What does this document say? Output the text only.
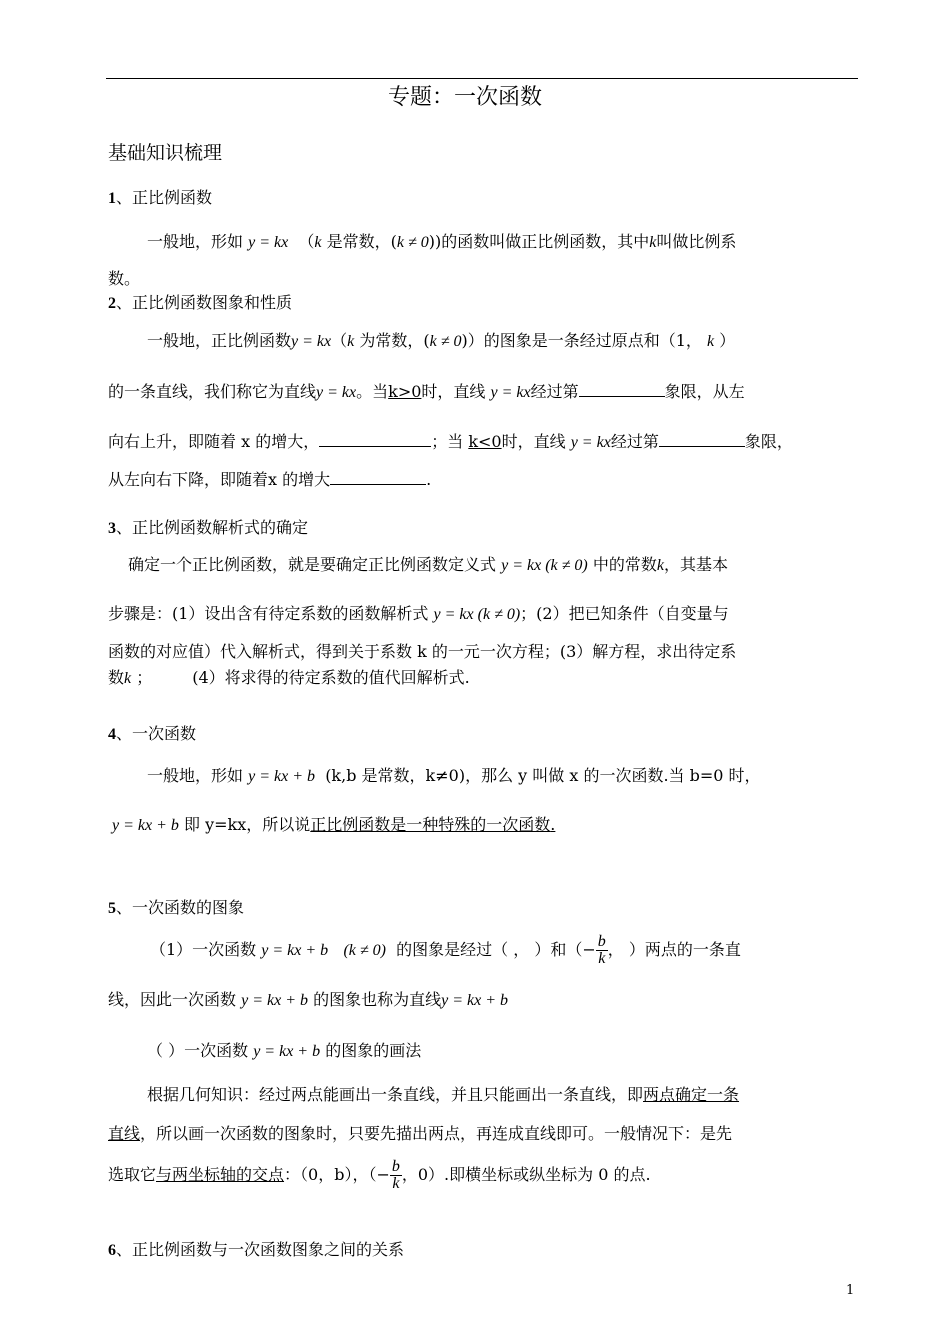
专题：一次函数
基础知识梳理
1、正比例函数
一般地，形如 y = kx （k 是常数，(k ≠ 0))的函数叫做正比例函数，其中k叫做比例系
数。
2、正比例函数图象和性质
一般地，正比例函数y = kx（k 为常数，(k ≠ 0)）的图象是一条经过原点和（1， k ）
的一条直线，我们称它为直线y = kx。当k>0时，直线 y = kx经过第	象限，从左
向右上升，即随着 x 的增大，	；当 k<0时，直线 y = kx经过第	象限，
从左向右下降，即随着x 的增大	.
3、正比例函数解析式的确定
确定一个正比例函数，就是要确定正比例函数定义式 y = kx (k ≠ 0) 中的常数k，其基本
步骤是：(1）设出含有待定系数的函数解析式 y = kx (k ≠ 0)；(2）把已知条件（自变量与
函数的对应值）代入解析式，得到关于系数 k 的一元一次方程；(3）解方程，求出待定系
数k ；	(4）将求得的待定系数的值代回解析式.
4、一次函数
一般地，形如 y = kx + b (k,b 是常数，k≠0)，那么 y 叫做 x 的一次函数.当 b=0 时，
y = kx + b 即 y=kx，所以说正比例函数是一种特殊的一次函数.
5、一次函数的图象
（1）一次函数 y = kx + b (k ≠ 0) 的图象是经过（ ， ）和（− $\frac{b}{k}$ ， ）两点的一条直
线，因此一次函数 y = kx + b 的图象也称为直线y = kx + b
（ ）一次函数 y = kx + b 的图象的画法
根据几何知识：经过两点能画出一条直线，并且只能画出一条直线，即两点确定一条
直线，所以画一次函数的图象时，只要先描出两点，再连成直线即可。一般情况下：是先
选取它与两坐标轴的交点：（0，b），（− $\frac{b}{k}$ ，0）.即横坐标或纵坐标为 0 的点.
6、正比例函数与一次函数图象之间的关系
1
